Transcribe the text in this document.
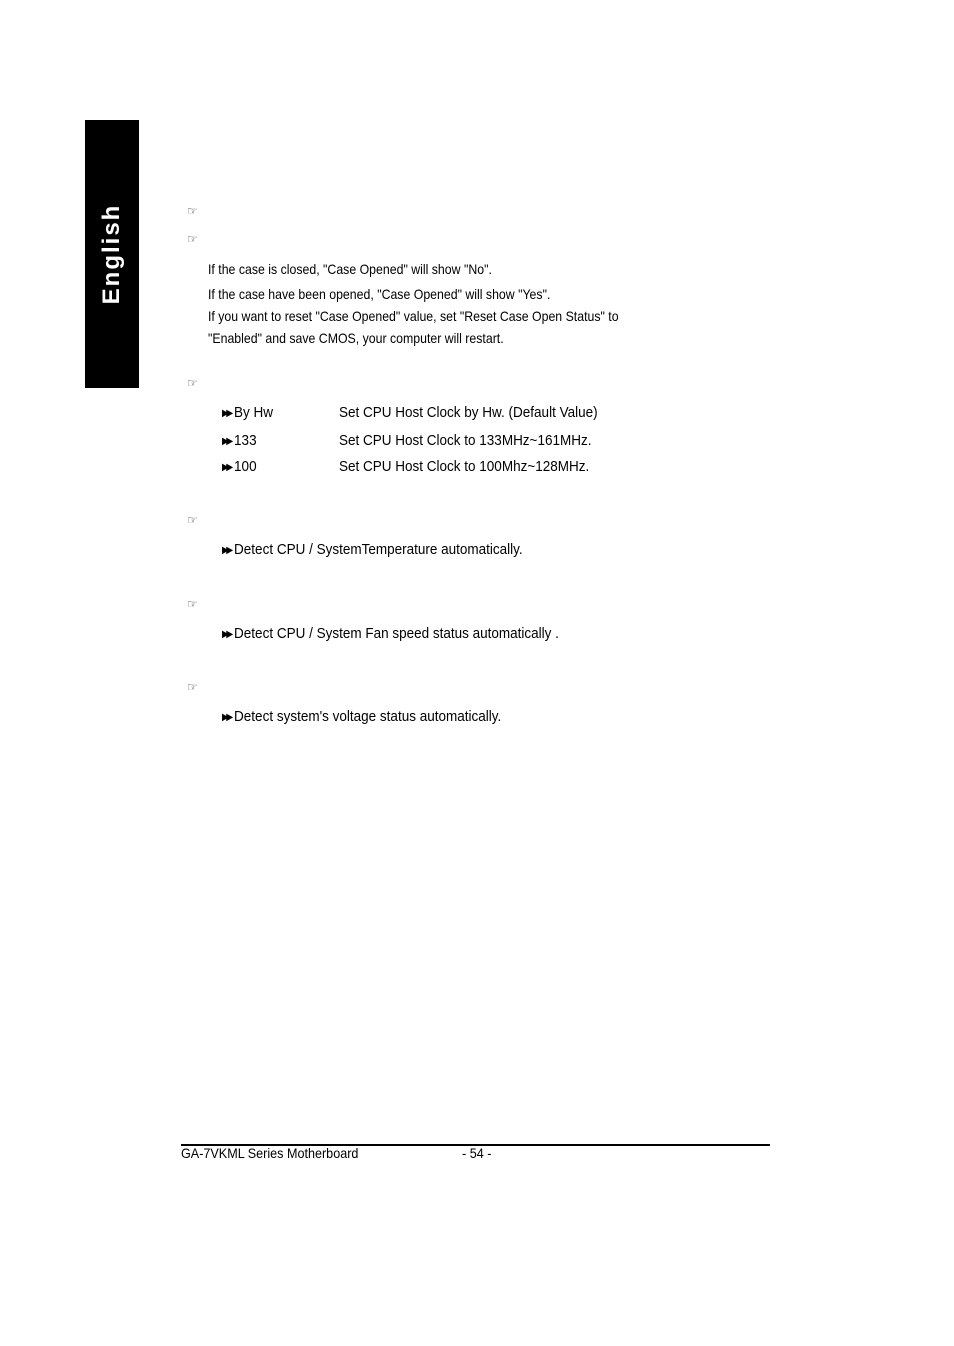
English	☞
☞
If the case is closed, "Case Opened" will show "No".
If the case have been opened, "Case Opened" will show "Yes".
If you want to reset "Case Opened" value, set "Reset Case Open Status" to
"Enabled" and save CMOS, your computer will restart.
☞
▶▶ By Hw	Set CPU Host Clock by Hw. (Default Value)
▶▶ 133	Set CPU Host Clock to 133MHz~161MHz.
▶▶ 100	Set CPU Host Clock to 100Mhz~128MHz.
☞
▶▶ Detect CPU / SystemTemperature automatically.
☞
▶▶ Detect CPU / System Fan speed status automatically .
☞
▶▶ Detect system's voltage status automatically.
GA-7VKML Series Motherboard	- 54 -
